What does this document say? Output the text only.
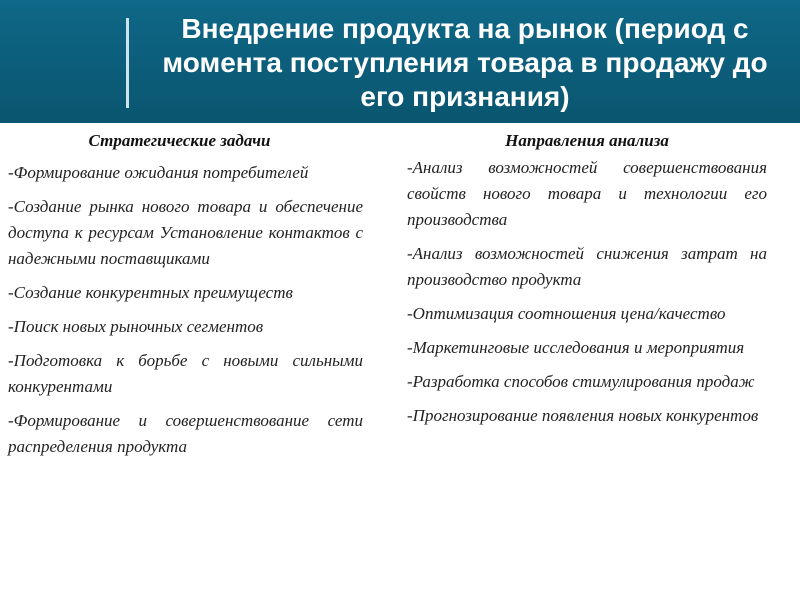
Внедрение продукта на рынок (период с момента поступления товара в продажу до его признания)
Стратегические задачи
-Формирование ожидания потребителей
-Создание рынка нового товара и обеспечение доступа к ресурсам Установление контактов с надежными поставщиками
-Создание конкурентных преимуществ
-Поиск новых рыночных сегментов
-Подготовка к борьбе с новыми сильными конкурентами
-Формирование и совершенствование сети распределения продукта
Направления анализа
-Анализ возможностей совершенствования свойств нового товара и технологии его производства
-Анализ возможностей снижения затрат на производство продукта
-Оптимизация соотношения цена/качество
-Маркетинговые исследования и мероприятия
-Разработка способов стимулирования продаж
-Прогнозирование появления новых конкурентов
